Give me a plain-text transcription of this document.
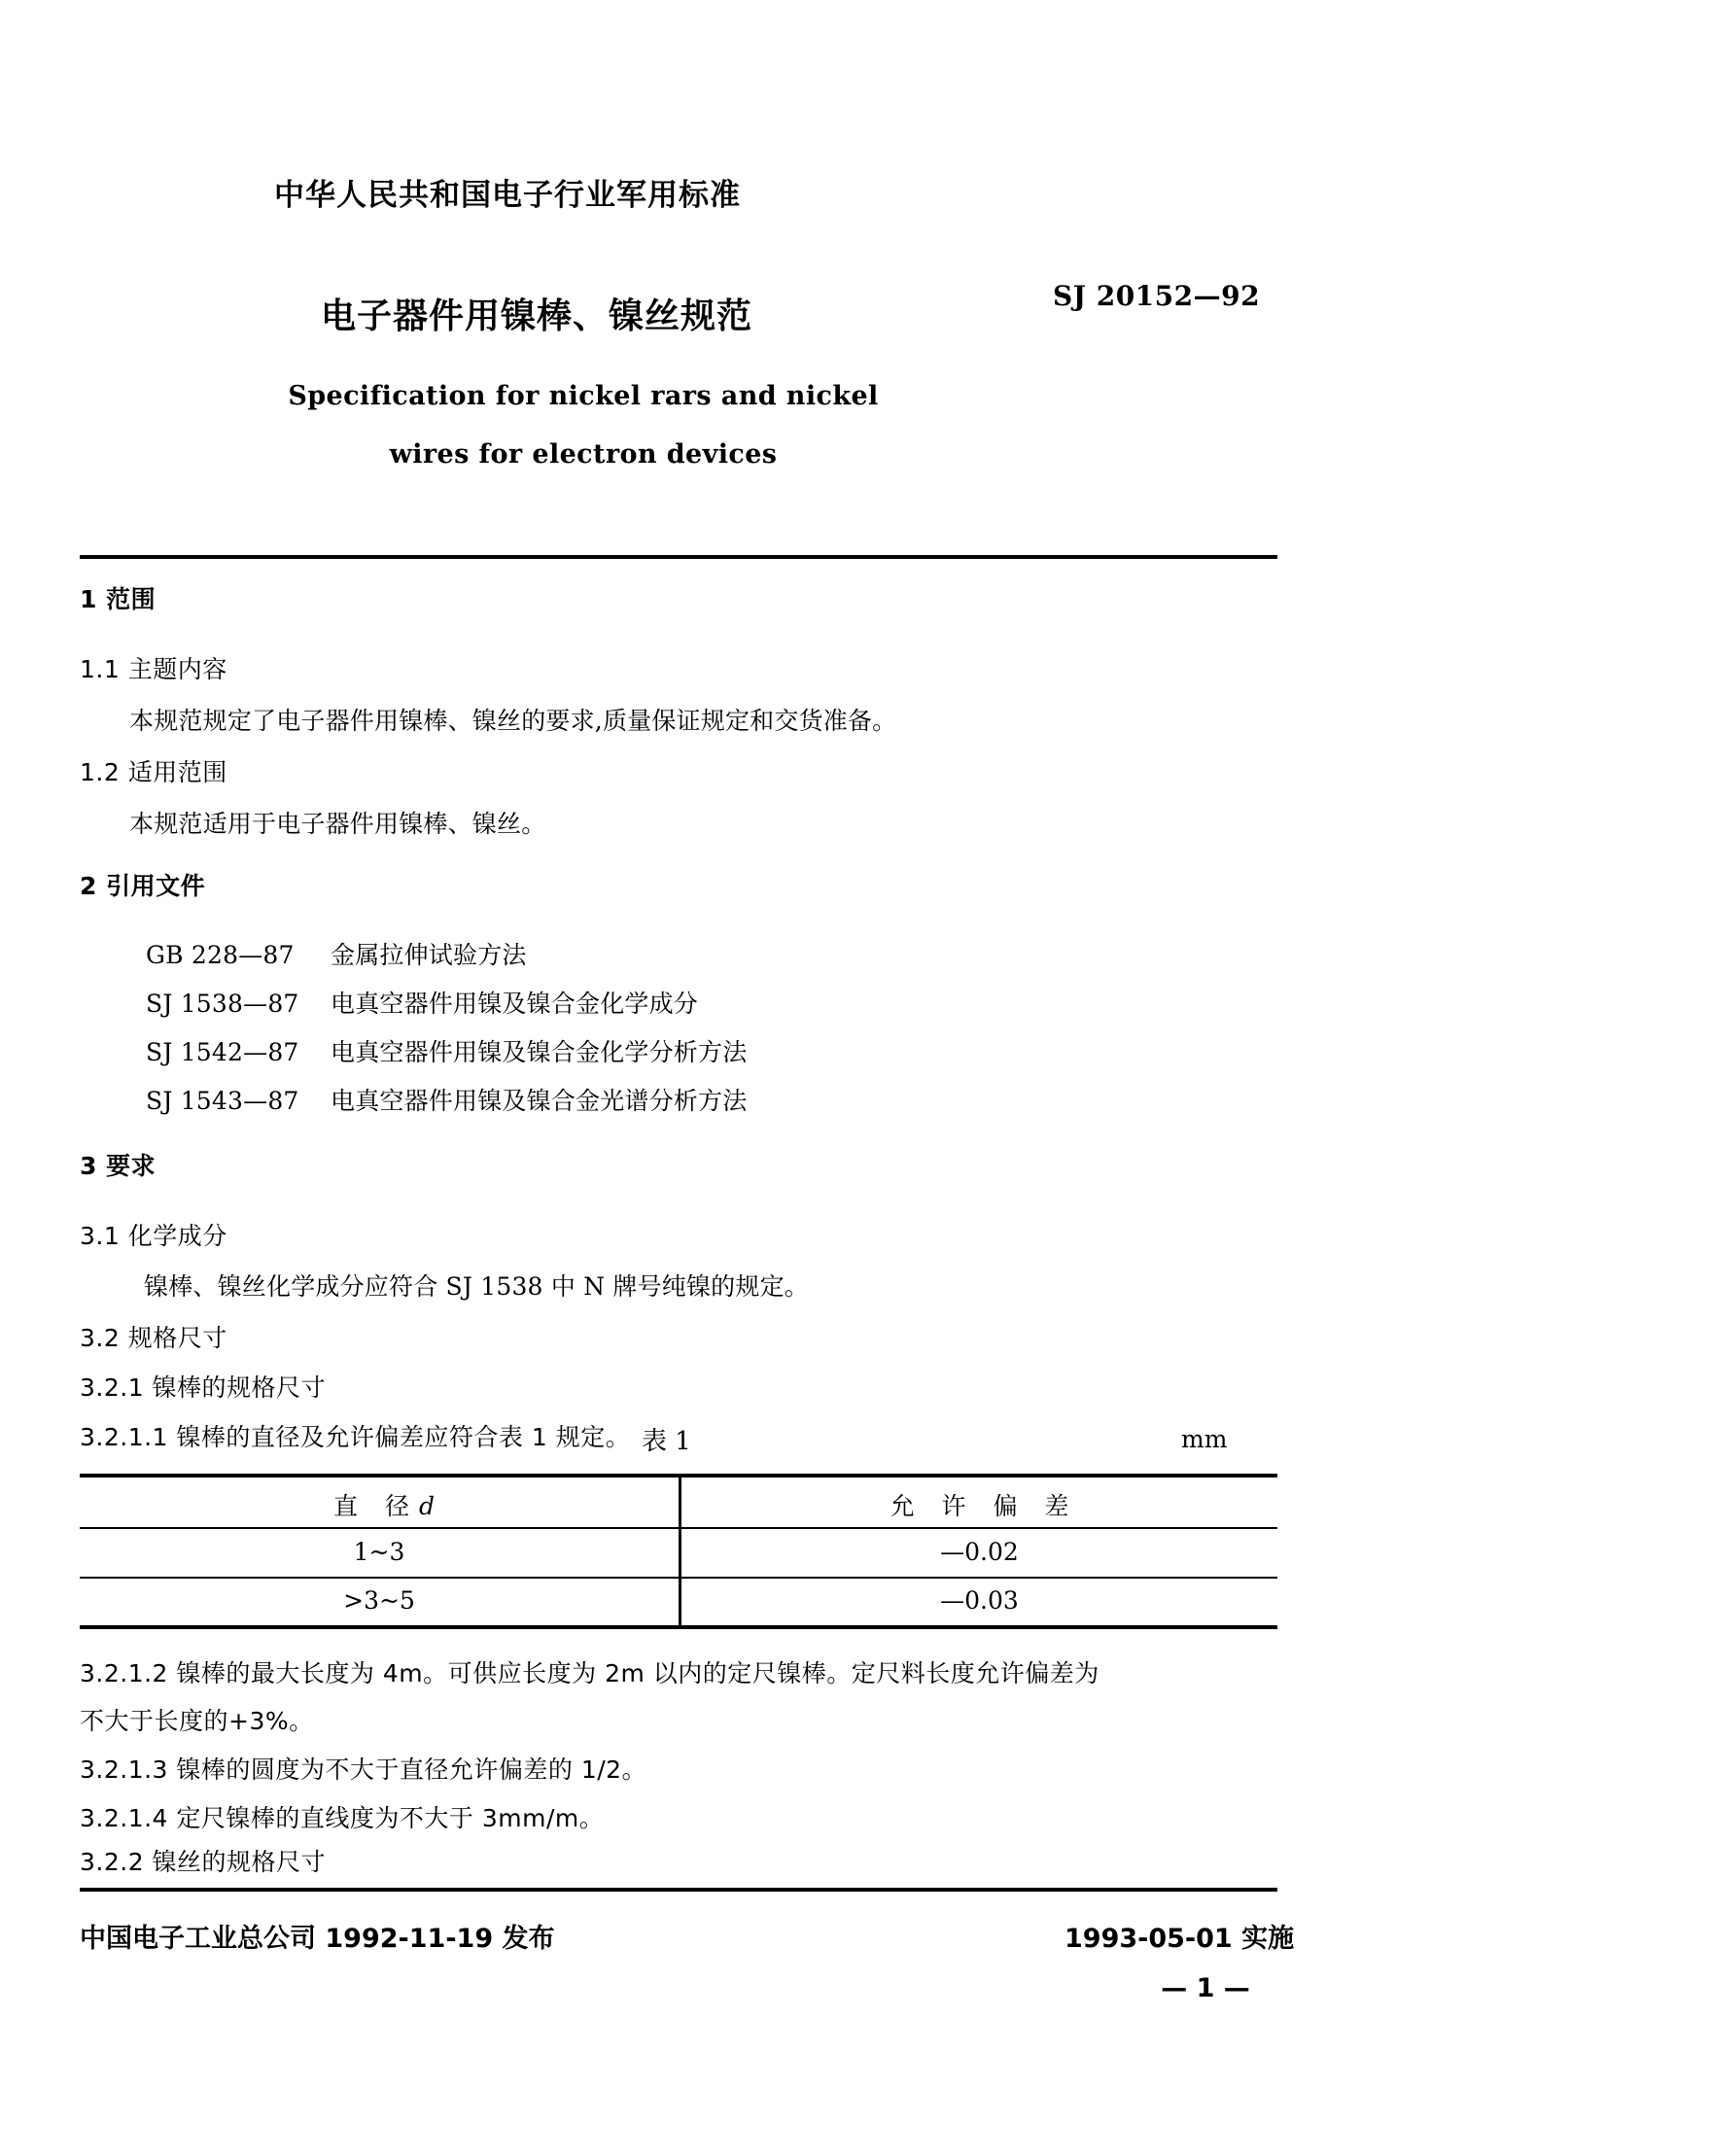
中华人民共和国电子行业军用标准
电子器件用镍棒、镍丝规范
SJ 20152—92
Specification for nickel rars and nickel
wires for electron devices
1 范围
1.1 主题内容
本规范规定了电子器件用镍棒、镍丝的要求,质量保证规定和交货准备。
1.2 适用范围
本规范适用于电子器件用镍棒、镍丝。
2 引用文件
GB 228—87 金属拉伸试验方法
SJ 1538—87 电真空器件用镍及镍合金化学成分
SJ 1542—87 电真空器件用镍及镍合金化学分析方法
SJ 1543—87 电真空器件用镍及镍合金光谱分析方法
3 要求
3.1 化学成分
镍棒、镍丝化学成分应符合 SJ 1538 中 N 牌号纯镍的规定。
3.2 规格尺寸
3.2.1 镍棒的规格尺寸
3.2.1.1 镍棒的直径及允许偏差应符合表 1 规定。 表 1	mm
直 径d	允 许 偏 差
1~3	—0.02
>3~5	—0.03
3.2.1.2 镍棒的最大长度为 4m。可供应长度为 2m 以内的定尺镍棒。定尺料长度允许偏差为
不大于长度的+3%。
3.2.1.3 镍棒的圆度为不大于直径允许偏差的 1/2。
3.2.1.4 定尺镍棒的直线度为不大于 3mm/m。
3.2.2 镍丝的规格尺寸
中国电子工业总公司 1992-11-19 发布	1993-05-01 实施
— 1 —
